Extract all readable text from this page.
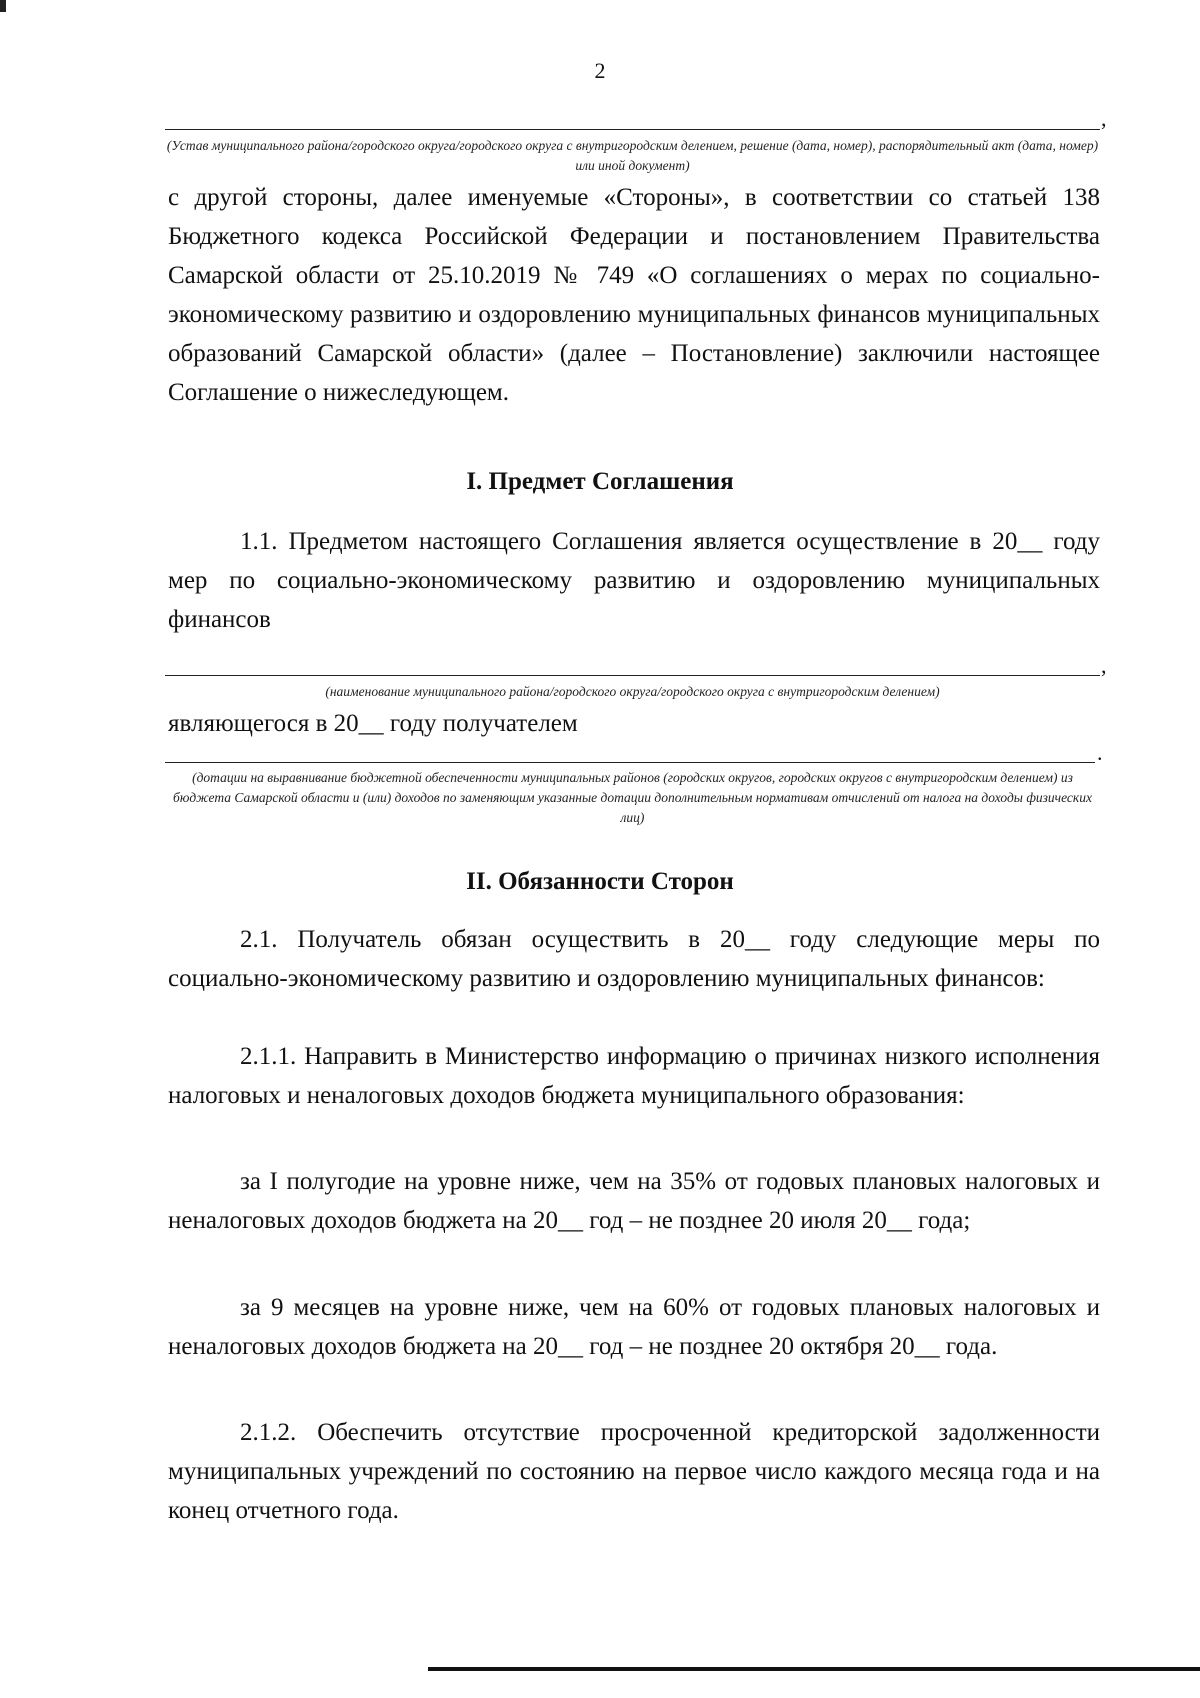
2
,
(Устав муниципального района/городского округа/городского округа с внутригородским делением, решение (дата, номер), распорядительный акт (дата, номер) или иной документ)

с другой стороны, далее именуемые «Стороны», в соответствии со статьей 138 Бюджетного кодекса Российской Федерации и постановлением Правительства Самарской области от 25.10.2019 № 749 «О соглашениях о мерах по социально-экономическому развитию и оздоровлению муниципальных финансов муниципальных образований Самарской области» (далее – Постановление) заключили настоящее Соглашение о нижеследующем.

I. Предмет Соглашения

1.1. Предметом настоящего Соглашения является осуществление в 20__ году мер по социально-экономическому развитию и оздоровлению муниципальных финансов

,
(наименование муниципального района/городского округа/городского округа с внутригородским делением)

являющегося в 20__ году получателем

.
(дотации на выравнивание бюджетной обеспеченности муниципальных районов (городских округов, городских округов с внутригородским делением) из бюджета Самарской области и (или) доходов по заменяющим указанные дотации дополнительным нормативам отчислений от налога на доходы физических лиц)
II. Обязанности Сторон

2.1. Получатель обязан осуществить в 20__ году следующие меры по социально-экономическому развитию и оздоровлению муниципальных финансов:

2.1.1. Направить в Министерство информацию о причинах низкого исполнения налоговых и неналоговых доходов бюджета муниципального образования:

за I полугодие на уровне ниже, чем на 35% от годовых плановых налоговых и неналоговых доходов бюджета на 20__ год – не позднее 20 июля 20__ года;

за 9 месяцев на уровне ниже, чем на 60% от годовых плановых налоговых и неналоговых доходов бюджета на 20__ год – не позднее 20 октября 20__ года.

2.1.2. Обеспечить отсутствие просроченной кредиторской задолженности муниципальных учреждений по состоянию на первое число каждого месяца года и на конец отчетного года.
